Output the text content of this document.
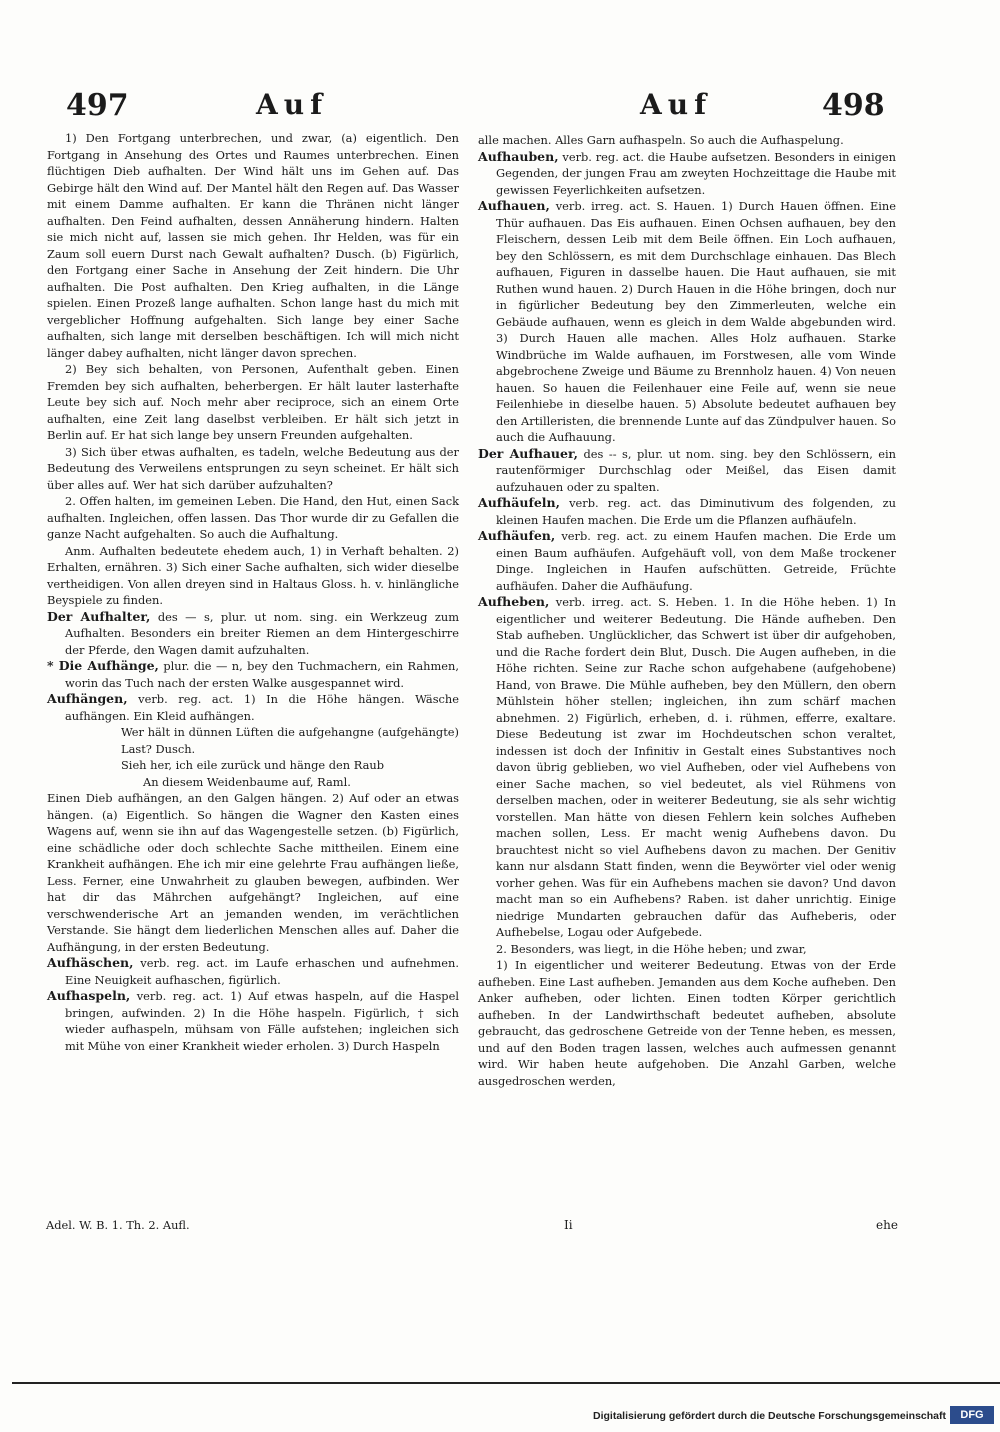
497	Auf	Auf	498

1) Den Fortgang unterbrechen, und zwar, (a) eigentlich. Den Fortgang in Ansehung des Ortes und Raumes unterbrechen. Einen flüchtigen Dieb aufhalten. Der Wind hält uns im Gehen auf. Das Gebirge hält den Wind auf. Der Mantel hält den Regen auf. Das Wasser mit einem Damme aufhalten. Er kann die Thränen nicht länger aufhalten. Den Feind aufhalten, dessen Annäherung hindern. Halten sie mich nicht auf, lassen sie mich gehen. Ihr Helden, was für ein Zaum soll euern Durst nach Gewalt aufhalten? Dusch. (b) Figürlich, den Fortgang einer Sache in Ansehung der Zeit hindern. Die Uhr aufhalten. Die Post aufhalten. Den Krieg aufhalten, in die Länge spielen. Einen Prozeß lange aufhalten. Schon lange hast du mich mit vergeblicher Hoffnung aufgehalten. Sich lange bey einer Sache aufhalten, sich lange mit derselben beschäftigen. Ich will mich nicht länger dabey aufhalten, nicht länger davon sprechen.

2) Bey sich behalten, von Personen, Aufenthalt geben. Einen Fremden bey sich aufhalten, beherbergen. Er hält lauter lasterhafte Leute bey sich auf. Noch mehr aber reciproce, sich an einem Orte aufhalten, eine Zeit lang daselbst verbleiben. Er hält sich jetzt in Berlin auf. Er hat sich lange bey unsern Freunden aufgehalten.

3) Sich über etwas aufhalten, es tadeln, welche Bedeutung aus der Bedeutung des Verweilens entsprungen zu seyn scheinet. Er hält sich über alles auf. Wer hat sich darüber aufzuhalten?

2. Offen halten, im gemeinen Leben. Die Hand, den Hut, einen Sack aufhalten. Ingleichen, offen lassen. Das Thor wurde dir zu Gefallen die ganze Nacht aufgehalten. So auch die Aufhaltung.

Anm. Aufhalten bedeutete ehedem auch, 1) in Verhaft behalten. 2) Erhalten, ernähren. 3) Sich einer Sache aufhalten, sich wider dieselbe vertheidigen. Von allen dreyen sind in Haltaus Gloss. h. v. hinlängliche Beyspiele zu finden.

Der Aufhalter, des — s, plur. ut nom. sing. ein Werkzeug zum Aufhalten. Besonders ein breiter Riemen an dem Hintergeschirre der Pferde, den Wagen damit aufzuhalten.

* Die Aufhänge, plur. die — n, bey den Tuchmachern, ein Rahmen, worin das Tuch nach der ersten Walke ausgespannet wird.

Aufhängen, verb. reg. act. 1) In die Höhe hängen. Wäsche aufhängen. Ein Kleid aufhängen.

Wer hält in dünnen Lüften die aufgehangne (aufgehängte) Last? Dusch.

Sieh her, ich eile zurück und hänge den Raub

An diesem Weidenbaume auf, Raml.

Einen Dieb aufhängen, an den Galgen hängen. 2) Auf oder an etwas hängen. (a) Eigentlich. So hängen die Wagner den Kasten eines Wagens auf, wenn sie ihn auf das Wagengestelle setzen. (b) Figürlich, eine schädliche oder doch schlechte Sache mittheilen. Einem eine Krankheit aufhängen. Ehe ich mir eine gelehrte Frau aufhängen ließe, Less. Ferner, eine Unwahrheit zu glauben bewegen, aufbinden. Wer hat dir das Mährchen aufgehängt? Ingleichen, auf eine verschwenderische Art an jemanden wenden, im verächtlichen Verstande. Sie hängt dem liederlichen Menschen alles auf. Daher die Aufhängung, in der ersten Bedeutung.

Aufhäschen, verb. reg. act. im Laufe erhaschen und aufnehmen. Eine Neuigkeit aufhaschen, figürlich.

Aufhaspeln, verb. reg. act. 1) Auf etwas haspeln, auf die Haspel bringen, aufwinden. 2) In die Höhe haspeln. Figürlich, † sich wieder aufhaspeln, mühsam von Fälle aufstehen; ingleichen sich mit Mühe von einer Krankheit wieder erholen. 3) Durch Haspeln

Adel. W. B. 1. Th. 2. Aufl.

alle machen. Alles Garn aufhaspeln. So auch die Aufhaspelung.

Aufhauben, verb. reg. act. die Haube aufsetzen. Besonders in einigen Gegenden, der jungen Frau am zweyten Hochzeittage die Haube mit gewissen Feyerlichkeiten aufsetzen.

Aufhauen, verb. irreg. act. S. Hauen. 1) Durch Hauen öffnen. Eine Thür aufhauen. Das Eis aufhauen. Einen Ochsen aufhauen, bey den Fleischern, dessen Leib mit dem Beile öffnen. Ein Loch aufhauen, bey den Schlössern, es mit dem Durchschlage einhauen. Das Blech aufhauen, Figuren in dasselbe hauen. Die Haut aufhauen, sie mit Ruthen wund hauen. 2) Durch Hauen in die Höhe bringen, doch nur in figürlicher Bedeutung bey den Zimmerleuten, welche ein Gebäude aufhauen, wenn es gleich in dem Walde abgebunden wird. 3) Durch Hauen alle machen. Alles Holz aufhauen. Starke Windbrüche im Walde aufhauen, im Forstwesen, alle vom Winde abgebrochene Zweige und Bäume zu Brennholz hauen. 4) Von neuen hauen. So hauen die Feilenhauer eine Feile auf, wenn sie neue Feilenhiebe in dieselbe hauen. 5) Absolute bedeutet aufhauen bey den Artilleristen, die brennende Lunte auf das Zündpulver hauen. So auch die Aufhauung.

Der Aufhauer, des -- s, plur. ut nom. sing. bey den Schlössern, ein rautenförmiger Durchschlag oder Meißel, das Eisen damit aufzuhauen oder zu spalten.

Aufhäufeln, verb. reg. act. das Diminutivum des folgenden, zu kleinen Haufen machen. Die Erde um die Pflanzen aufhäufeln.

Aufhäufen, verb. reg. act. zu einem Haufen machen. Die Erde um einen Baum aufhäufen. Aufgehäuft voll, von dem Maße trockener Dinge. Ingleichen in Haufen aufschütten. Getreide, Früchte aufhäufen. Daher die Aufhäufung.

Aufheben, verb. irreg. act. S. Heben. 1. In die Höhe heben. 1) In eigentlicher und weiterer Bedeutung. Die Hände aufheben. Den Stab aufheben. Unglücklicher, das Schwert ist über dir aufgehoben, und die Rache fordert dein Blut, Dusch. Die Augen aufheben, in die Höhe richten. Seine zur Rache schon aufgehabene (aufgehobene) Hand, von Brawe. Die Mühle aufheben, bey den Müllern, den obern Mühlstein höher stellen; ingleichen, ihn zum schärf machen abnehmen. 2) Figürlich, erheben, d. i. rühmen, efferre, exaltare. Diese Bedeutung ist zwar im Hochdeutschen schon veraltet, indessen ist doch der Infinitiv in Gestalt eines Substantives noch davon übrig geblieben, wo viel Aufheben, oder viel Aufhebens von einer Sache machen, so viel bedeutet, als viel Rühmens von derselben machen, oder in weiterer Bedeutung, sie als sehr wichtig vorstellen. Man hätte von diesen Fehlern kein solches Aufheben machen sollen, Less. Er macht wenig Aufhebens davon. Du brauchtest nicht so viel Aufhebens davon zu machen. Der Genitiv kann nur alsdann Statt finden, wenn die Beywörter viel oder wenig vorher gehen. Was für ein Aufhebens machen sie davon? Und davon macht man so ein Aufhebens? Raben. ist daher unrichtig. Einige niedrige Mundarten gebrauchen dafür das Aufheberis, oder Aufhebelse, Logau oder Aufgebede.

2. Besonders, was liegt, in die Höhe heben; und zwar,

1) In eigentlicher und weiterer Bedeutung. Etwas von der Erde aufheben. Eine Last aufheben. Jemanden aus dem Koche aufheben. Den Anker aufheben, oder lichten. Einen todten Körper gerichtlich aufheben. In der Landwirthschaft bedeutet aufheben, absolute gebraucht, das gedroschene Getreide von der Tenne heben, es messen, und auf den Boden tragen lassen, welches auch aufmessen genannt wird. Wir haben heute aufgehoben. Die Anzahl Garben, welche ausgedroschen werden,

Ii	ehe
Digitalisierung gefördert durch die Deutsche Forschungsgemeinschaft	DFG
